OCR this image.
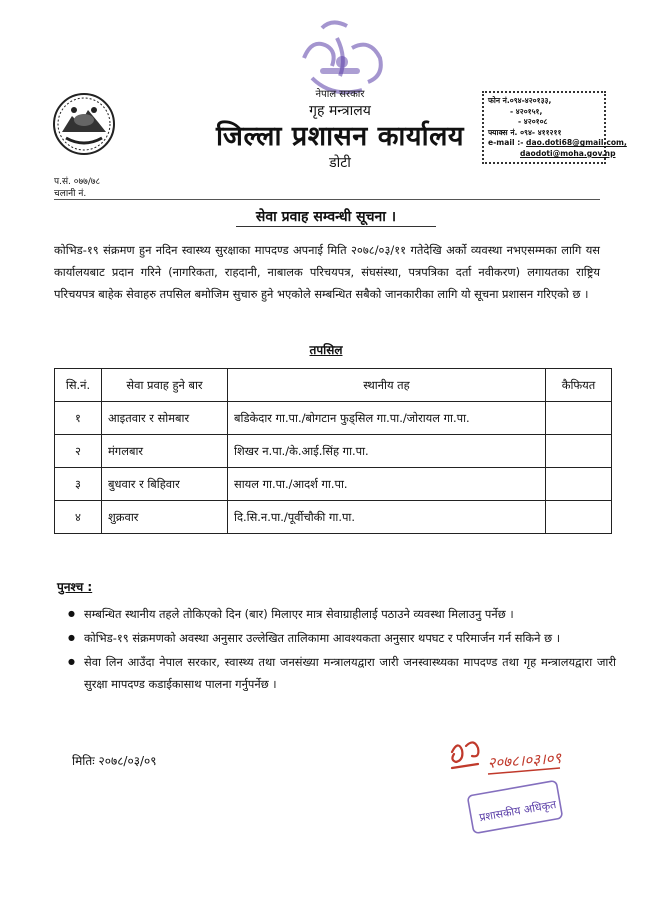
नेपाल सरकार
गृह मन्त्रालय
जिल्ला प्रशासन कार्यालय
डोटी
फोन नं.०९४-४२०१३३,
- ४२०१५१,
- ४२०१०८
फ्याक्स नं. ०९४- ४११२११
e-mail :- dao.doti68@gmail.com,
daodoti@moha.gov.np
प.सं. ०७७/७८
चलानी नं.
सेवा प्रवाह सम्वन्धी सूचना ।
कोभिड-१९ संक्रमण हुन नदिन स्वास्थ्य सुरक्षाका मापदण्ड अपनाई मिति २०७८/०३/११ गतेदेखि अर्को व्यवस्था नभएसम्मका लागि यस कार्यालयबाट प्रदान गरिने (नागरिकता, राहदानी, नाबालक परिचयपत्र, संघसंस्था, पत्रपत्रिका दर्ता नवीकरण) लगायतका राष्ट्रिय परिचयपत्र बाहेक सेवाहरु तपसिल बमोजिम सुचारु हुने भएकोले सम्बन्धित सबैको जानकारीका लागि यो सूचना प्रशासन गरिएको छ ।
तपसिल
सि.नं.	सेवा प्रवाह हुने बार	स्थानीय तह	कैफियत
१	आइतवार र सोमबार	बडिकेदार गा.पा./बोगटान फुड्सिल गा.पा./जोरायल गा.पा.	
२	मंगलबार	शिखर न.पा./के.आई.सिंह गा.पा.	
३	बुधवार र बिहिवार	सायल गा.पा./आदर्श गा.पा.	
४	शुक्रवार	दि.सि.न.पा./पूर्वीचौकी गा.पा.	
पुनश्च :
● सम्बन्धित स्थानीय तहले तोकिएको दिन (बार) मिलाएर मात्र सेवाग्राहीलाई पठाउने व्यवस्था मिलाउनु पर्नेछ ।
● कोभिड-१९ संक्रमणको अवस्था अनुसार उल्लेखित तालिकामा आवश्यकता अनुसार थपघट र परिमार्जन गर्न सकिने छ ।
● सेवा लिन आउँदा नेपाल सरकार, स्वास्थ्य तथा जनसंख्या मन्त्रालयद्वारा जारी जनस्वास्थ्यका मापदण्ड तथा गृह मन्त्रालयद्वारा जारी सुरक्षा मापदण्ड कडाईकासाथ पालना गर्नुपर्नेछ ।
मितिः २०७८/०३/०९	२०७८।०३।०९
प्रशासकीय अधिकृत
